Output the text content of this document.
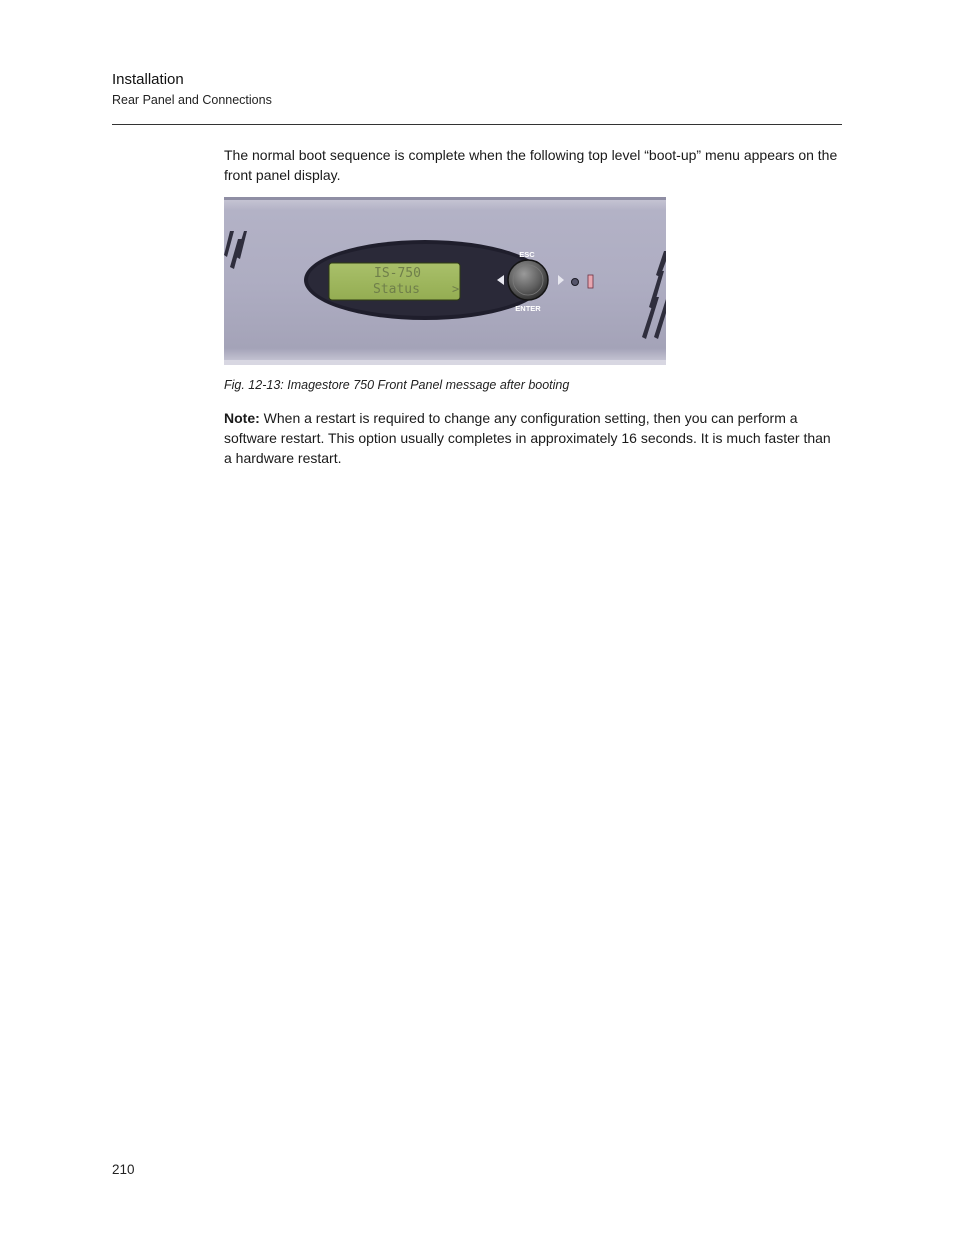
Installation
Rear Panel and Connections

The normal boot sequence is complete when the following top level “boot-up” menu appears on the front panel display.

IS-750
Status	>
ESC
ENTER
Fig. 12-13: Imagestore 750 Front Panel message after booting

Note: When a restart is required to change any configuration setting, then you can perform a software restart. This option usually completes in approximately 16 seconds. It is much faster than a hardware restart.

210
